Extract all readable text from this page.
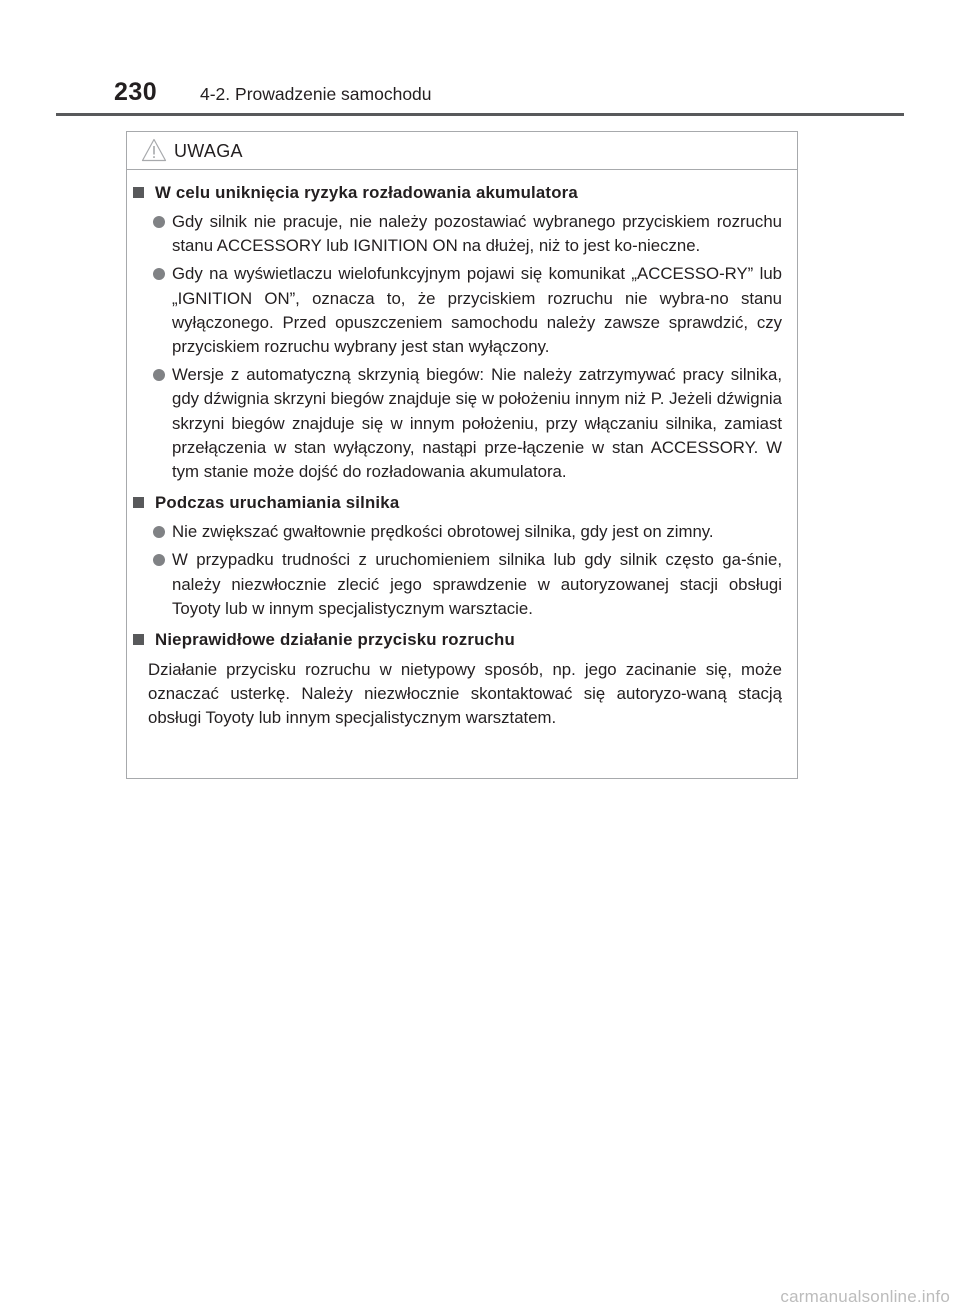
230 4-2. Prowadzenie samochodu
UWAGA
W celu uniknięcia ryzyka rozładowania akumulatora
Gdy silnik nie pracuje, nie należy pozostawiać wybranego przyciskiem rozruchu stanu ACCESSORY lub IGNITION ON na dłużej, niż to jest ko-nieczne.
Gdy na wyświetlaczu wielofunkcyjnym pojawi się komunikat „ACCESSO-RY” lub „IGNITION ON”, oznacza to, że przyciskiem rozruchu nie wybra-no stanu wyłączonego. Przed opuszczeniem samochodu należy zawsze sprawdzić, czy przyciskiem rozruchu wybrany jest stan wyłączony.
Wersje z automatyczną skrzynią biegów: Nie należy zatrzymywać pracy silnika, gdy dźwignia skrzyni biegów znajduje się w położeniu innym niż P. Jeżeli dźwignia skrzyni biegów znajduje się w innym położeniu, przy włączaniu silnika, zamiast przełączenia w stan wyłączony, nastąpi prze-łączenie w stan ACCESSORY. W tym stanie może dojść do rozładowania akumulatora.
Podczas uruchamiania silnika
Nie zwiększać gwałtownie prędkości obrotowej silnika, gdy jest on zimny.
W przypadku trudności z uruchomieniem silnika lub gdy silnik często ga-śnie, należy niezwłocznie zlecić jego sprawdzenie w autoryzowanej stacji obsługi Toyoty lub w innym specjalistycznym warsztacie.
Nieprawidłowe działanie przycisku rozruchu
Działanie przycisku rozruchu w nietypowy sposób, np. jego zacinanie się, może oznaczać usterkę. Należy niezwłocznie skontaktować się autoryzo-waną stacją obsługi Toyoty lub innym specjalistycznym warsztatem.
carmanualsonline.info
